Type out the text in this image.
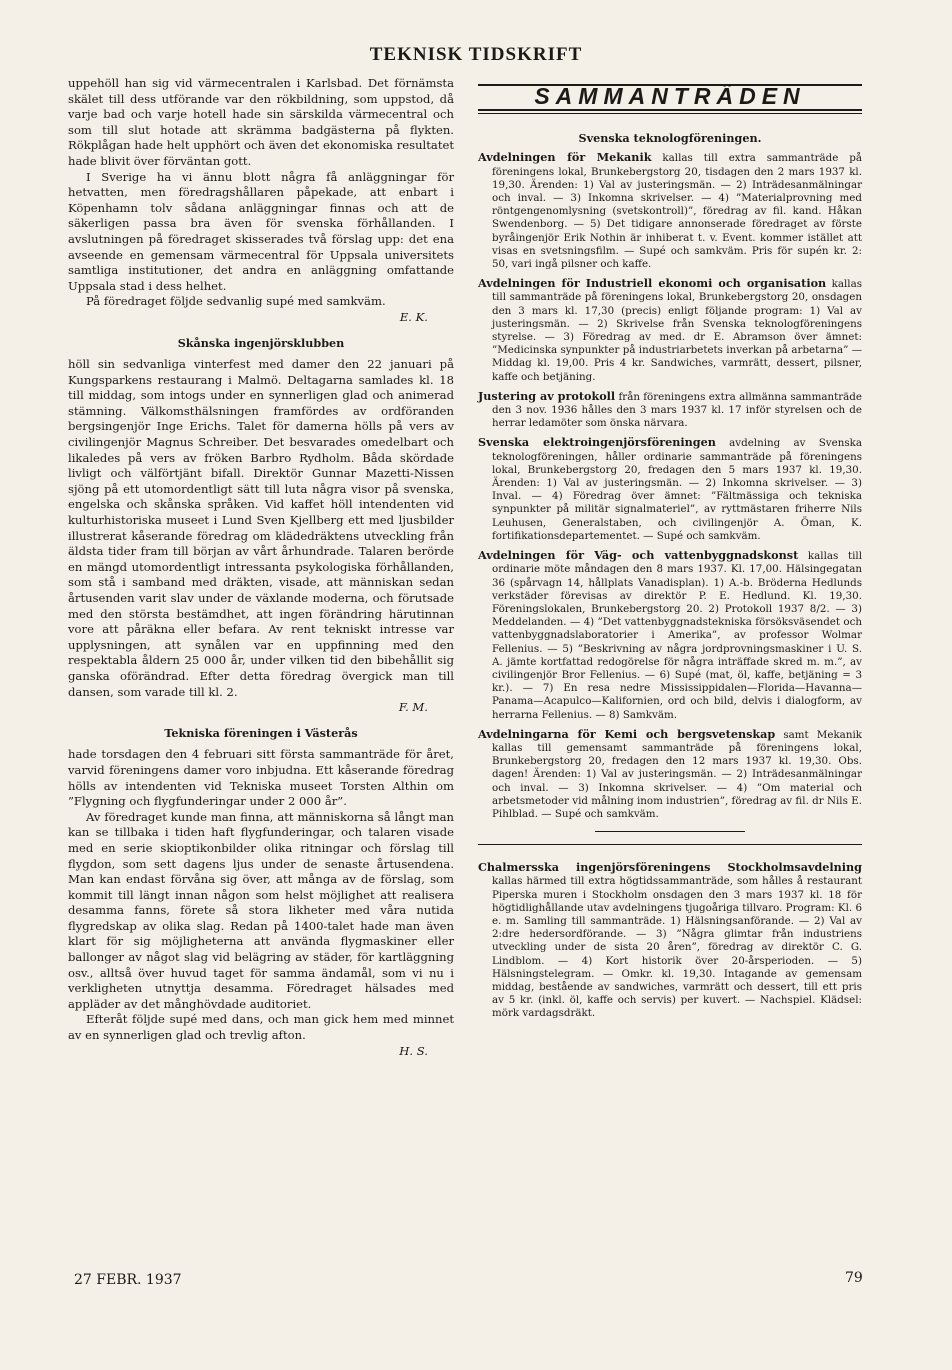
TEKNISK TIDSKRIFT

uppehöll han sig vid värmecentralen i Karlsbad. Det förnämsta skälet till dess utförande var den rökbildning, som uppstod, då varje bad och varje hotell hade sin särskilda värmecentral och som till slut hotade att skrämma badgästerna på flykten. Rökplågan hade helt upphört och även det ekonomiska resultatet hade blivit över förväntan gott.

I Sverige ha vi ännu blott några få anläggningar för hetvatten, men föredragshållaren påpekade, att enbart i Köpenhamn tolv sådana anläggningar finnas och att de säkerligen passa bra även för svenska förhållanden. I avslutningen på föredraget skisserades två förslag upp: det ena avseende en gemensam värmecentral för Uppsala universitets samtliga institutioner, det andra en anläggning omfattande Uppsala stad i dess helhet.

På föredraget följde sedvanlig supé med samkväm.

E. K.

Skånska ingenjörsklubben

höll sin sedvanliga vinterfest med damer den 22 januari på Kungsparkens restaurang i Malmö. Deltagarna samlades kl. 18 till middag, som intogs under en synnerligen glad och animerad stämning. Välkomsthälsningen framfördes av ordföranden bergsingenjör Inge Erichs. Talet för damerna hölls på vers av civilingenjör Magnus Schreiber. Det besvarades omedelbart och likaledes på vers av fröken Barbro Rydholm. Båda skördade livligt och välförtjänt bifall. Direktör Gunnar Mazetti-Nissen sjöng på ett utomordentligt sätt till luta några visor på svenska, engelska och skånska språken. Vid kaffet höll intendenten vid kulturhistoriska museet i Lund Sven Kjellberg ett med ljusbilder illustrerat kåserande föredrag om klädedräktens utveckling från äldsta tider fram till början av vårt århundrade. Talaren berörde en mängd utomordentligt intressanta psykologiska förhållanden, som stå i samband med dräkten, visade, att människan sedan årtusenden varit slav under de växlande moderna, och förutsade med den största bestämdhet, att ingen förändring härutinnan vore att påräkna eller befara. Av rent tekniskt intresse var upplysningen, att synålen var en uppfinning med den respektabla åldern 25 000 år, under vilken tid den bibehållit sig ganska oförändrad. Efter detta föredrag övergick man till dansen, som varade till kl. 2.

F. M.

Tekniska föreningen i Västerås

hade torsdagen den 4 februari sitt första sammanträde för året, varvid föreningens damer voro inbjudna. Ett kåserande föredrag hölls av intendenten vid Tekniska museet Torsten Althin om ”Flygning och flygfunderingar under 2 000 år”.

Av föredraget kunde man finna, att människorna så långt man kan se tillbaka i tiden haft flygfunderingar, och talaren visade med en serie skioptikonbilder olika ritningar och förslag till flygdon, som sett dagens ljus under de senaste årtusendena. Man kan endast förvåna sig över, att många av de förslag, som kommit till längt innan någon som helst möjlighet att realisera desamma fanns, förete så stora likheter med våra nutida flygredskap av olika slag. Redan på 1400-talet hade man även klart för sig möjligheterna att använda flygmaskiner eller ballonger av något slag vid belägring av städer, för kartläggning osv., alltså över huvud taget för samma ändamål, som vi nu i verkligheten utnyttja desamma. Föredraget hälsades med appläder av det månghövdade auditoriet.

Efteråt följde supé med dans, och man gick hem med minnet av en synnerligen glad och trevlig afton.

H. S.

SAMMANTRÄDEN
Svenska teknologföreningen.

Avdelningen för Mekanik kallas till extra sammanträde på föreningens lokal, Brunkebergstorg 20, tisdagen den 2 mars 1937 kl. 19,30. Ärenden: 1) Val av justeringsmän. — 2) Inträdesanmälningar och inval. — 3) Inkomna skrivelser. — 4) ”Materialprovning med röntgengenomlysning (svetskontroll)”, föredrag av fil. kand. Håkan Swendenborg. — 5) Det tidigare annonserade föredraget av förste byråingenjör Erik Nothin är inhiberat t. v. Event. kommer istället att visas en svetsningsfilm. — Supé och samkväm. Pris för supén kr. 2: 50, vari ingå pilsner och kaffe.

Avdelningen för Industriell ekonomi och organisation kallas till sammanträde på föreningens lokal, Brunkebergstorg 20, onsdagen den 3 mars kl. 17,30 (precis) enligt följande program: 1) Val av justeringsmän. — 2) Skrivelse från Svenska teknologföreningens styrelse. — 3) Föredrag av med. dr E. Abramson över ämnet: ”Medicinska synpunkter på industriarbetets inverkan på arbetarna” — Middag kl. 19,00. Pris 4 kr. Sandwiches, varmrätt, dessert, pilsner, kaffe och betjäning.

Justering av protokoll från föreningens extra allmänna sammanträde den 3 nov. 1936 hålles den 3 mars 1937 kl. 17 inför styrelsen och de herrar ledamöter som önska närvara.

Svenska elektroingenjörsföreningen avdelning av Svenska teknologföreningen, håller ordinarie sammanträde på föreningens lokal, Brunkebergstorg 20, fredagen den 5 mars 1937 kl. 19,30. Ärenden: 1) Val av justeringsmän. — 2) Inkomna skrivelser. — 3) Inval. — 4) Föredrag över ämnet: ”Fältmässiga och tekniska synpunkter på militär signalmateriel”, av ryttmästaren friherre Nils Leuhusen, Generalstaben, och civilingenjör A. Öman, K. fortifikationsdepartementet. — Supé och samkväm.

Avdelningen för Väg- och vattenbyggnadskonst kallas till ordinarie möte måndagen den 8 mars 1937. Kl. 17,00. Hälsingegatan 36 (spårvagn 14, hållplats Vanadisplan). 1) A.-b. Bröderna Hedlunds verkstäder förevisas av direktör P. E. Hedlund. Kl. 19,30. Föreningslokalen, Brunkebergstorg 20. 2) Protokoll 1937 8/2. — 3) Meddelanden. — 4) ”Det vattenbyggnadstekniska försöksväsendet och vattenbyggnadslaboratorier i Amerika”, av professor Wolmar Fellenius. — 5) ”Beskrivning av några jordprovningsmaskiner i U. S. A. jämte kortfattad redogörelse för några inträffade skred m. m.”, av civilingenjör Bror Fellenius. — 6) Supé (mat, öl, kaffe, betjäning = 3 kr.). — 7) En resa nedre Mississippidalen—Florida—Havanna—Panama—Acapulco—Kalifornien, ord och bild, delvis i dialogform, av herrarna Fellenius. — 8) Samkväm.

Avdelningarna för Kemi och bergsvetenskap samt Mekanik kallas till gemensamt sammanträde på föreningens lokal, Brunkebergstorg 20, fredagen den 12 mars 1937 kl. 19,30. Obs. dagen! Ärenden: 1) Val av justeringsmän. — 2) Inträdesanmälningar och inval. — 3) Inkomna skrivelser. — 4) ”Om material och arbetsmetoder vid målning inom industrien”, föredrag av fil. dr Nils E. Pihlblad. — Supé och samkväm.

Chalmersska ingenjörsföreningens Stockholmsavdelning kallas härmed till extra högtidssammanträde, som hålles å restaurant Piperska muren i Stockholm onsdagen den 3 mars 1937 kl. 18 för högtidlighållande utav avdelningens tjugoåriga tillvaro. Program: Kl. 6 e. m. Samling till sammanträde. 1) Hälsningsanförande. — 2) Val av 2:dre hedersordförande. — 3) ”Några glimtar från industriens utveckling under de sista 20 åren”, föredrag av direktör C. G. Lindblom. — 4) Kort historik över 20-årsperioden. — 5) Hälsningstelegram. — Omkr. kl. 19,30. Intagande av gemensam middag, bestående av sandwiches, varmrätt och dessert, till ett pris av 5 kr. (inkl. öl, kaffe och servis) per kuvert. — Nachspiel. Klädsel: mörk vardagsdräkt.

27 FEBR. 1937	79
